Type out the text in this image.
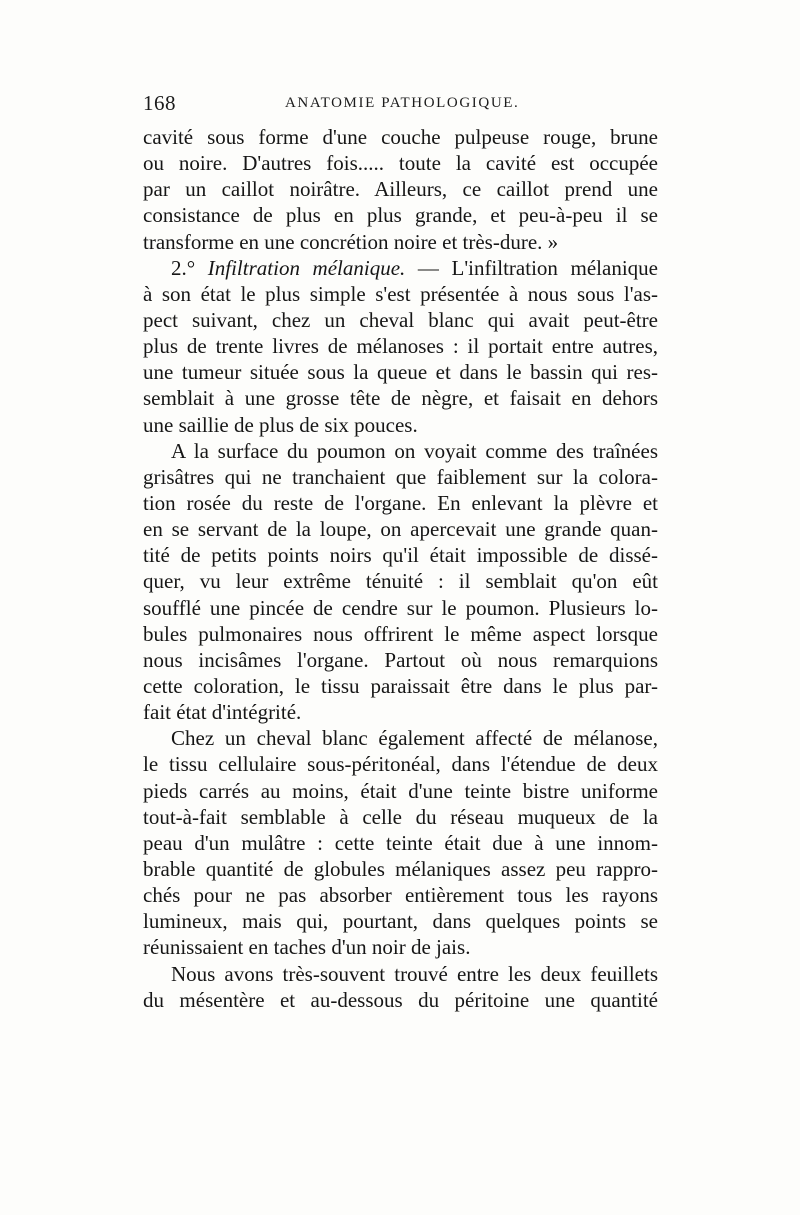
168	ANATOMIE PATHOLOGIQUE.
cavité sous forme d'une couche pulpeuse rouge, brune
ou noire. D'autres fois..... toute la cavité est occupée
par un caillot noirâtre. Ailleurs, ce caillot prend une
consistance de plus en plus grande, et peu-à-peu il se
transforme en une concrétion noire et très-dure. »
2.° Infiltration mélanique. — L'infiltration mélanique
à son état le plus simple s'est présentée à nous sous l'as-
pect suivant, chez un cheval blanc qui avait peut-être
plus de trente livres de mélanoses : il portait entre autres,
une tumeur située sous la queue et dans le bassin qui res-
semblait à une grosse tête de nègre, et faisait en dehors
une saillie de plus de six pouces.
A la surface du poumon on voyait comme des traînées
grisâtres qui ne tranchaient que faiblement sur la colora-
tion rosée du reste de l'organe. En enlevant la plèvre et
en se servant de la loupe, on apercevait une grande quan-
tité de petits points noirs qu'il était impossible de dissé-
quer, vu leur extrême ténuité : il semblait qu'on eût
soufflé une pincée de cendre sur le poumon. Plusieurs lo-
bules pulmonaires nous offrirent le même aspect lorsque
nous incisâmes l'organe. Partout où nous remarquions
cette coloration, le tissu paraissait être dans le plus par-
fait état d'intégrité.
Chez un cheval blanc également affecté de mélanose,
le tissu cellulaire sous-péritonéal, dans l'étendue de deux
pieds carrés au moins, était d'une teinte bistre uniforme
tout-à-fait semblable à celle du réseau muqueux de la
peau d'un mulâtre : cette teinte était due à une innom-
brable quantité de globules mélaniques assez peu rappro-
chés pour ne pas absorber entièrement tous les rayons
lumineux, mais qui, pourtant, dans quelques points se
réunissaient en taches d'un noir de jais.
Nous avons très-souvent trouvé entre les deux feuillets
du mésentère et au-dessous du péritoine une quantité
